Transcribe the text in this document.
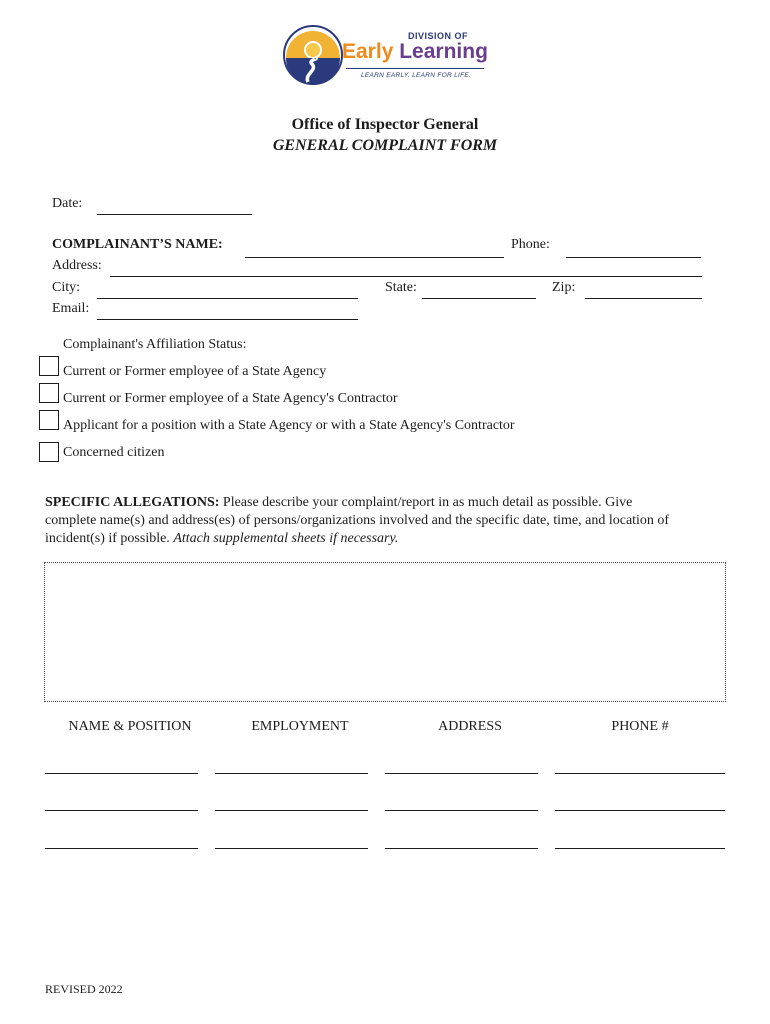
DIVISION OF
Early Learning
LEARN EARLY. LEARN FOR LIFE.
Office of Inspector General
GENERAL COMPLAINT FORM
Date:
COMPLAINANT’S NAME:	Phone:
Address:
City:	State:	Zip:
Email:
Complainant's Affiliation Status:
Current or Former employee of a State Agency
Current or Former employee of a State Agency's Contractor
Applicant for a position with a State Agency or with a State Agency's Contractor
Concerned citizen
SPECIFIC ALLEGATIONS: Please describe your complaint/report in as much detail as possible. Give
complete name(s) and address(es) of persons/organizations involved and the specific date, time, and location of
incident(s) if possible. Attach supplemental sheets if necessary.
NAME & POSITION	EMPLOYMENT	ADDRESS	PHONE #
REVISED 2022
